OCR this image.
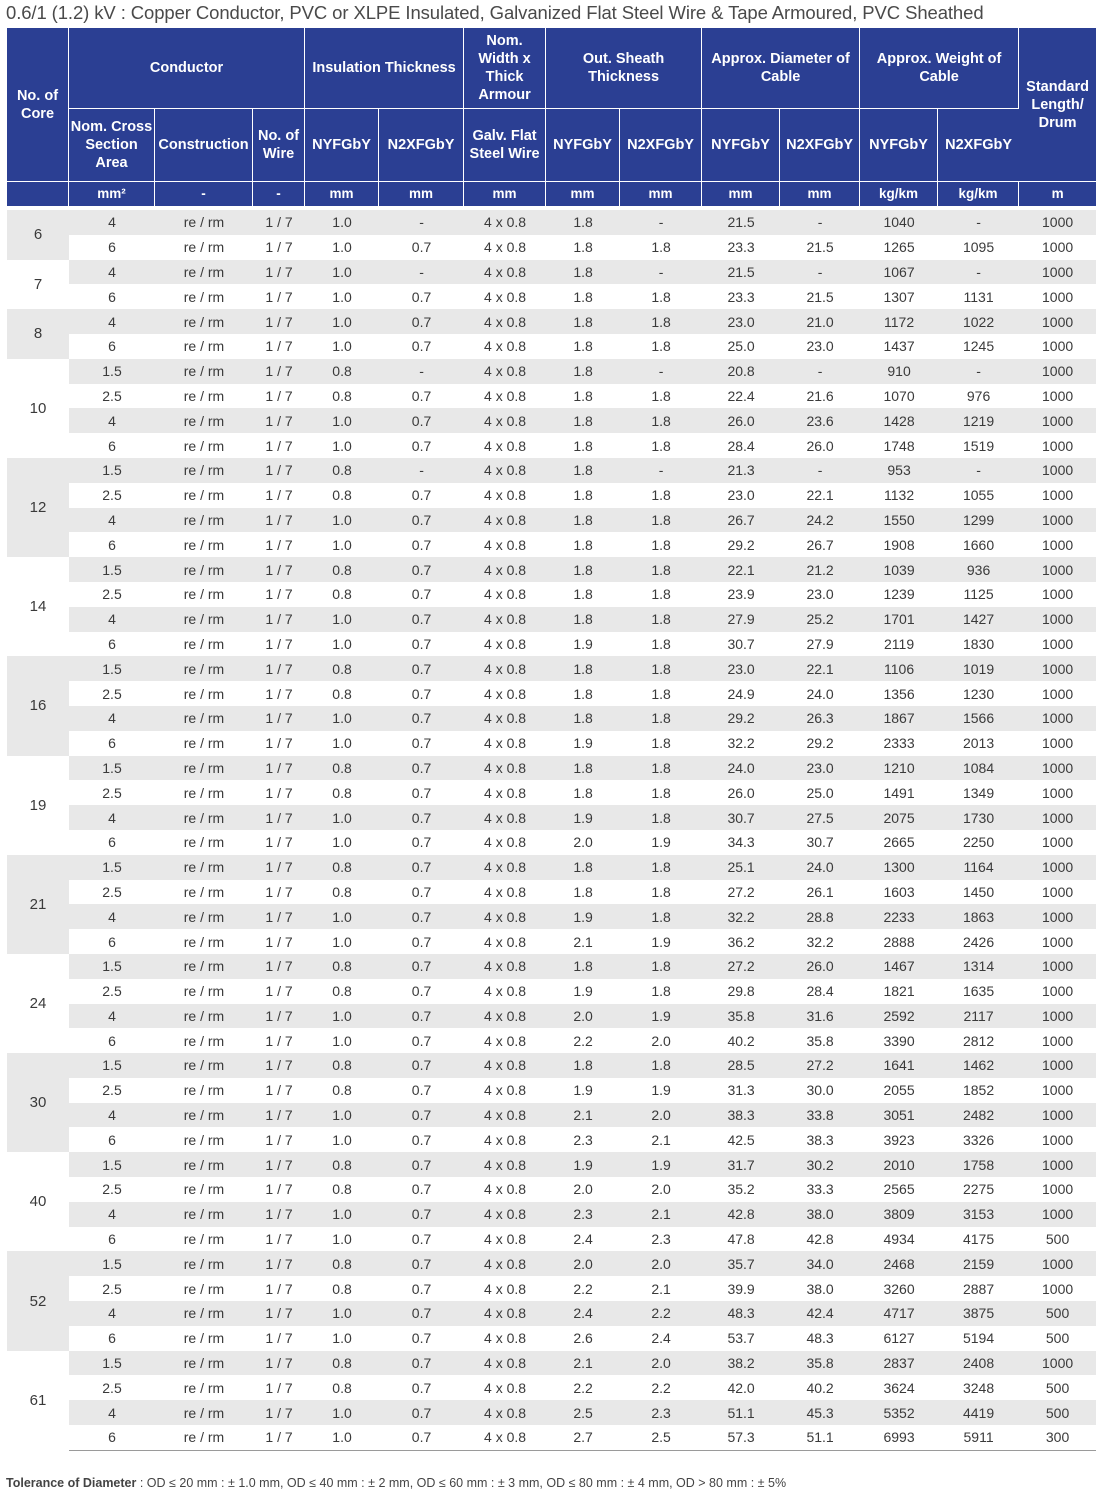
0.6/1 (1.2) kV : Copper Conductor, PVC or XLPE Insulated, Galvanized Flat Steel Wire & Tape Armoured, PVC Sheathed
No. of Core	Conductor			Insulation Thickness		Nom. Width x Thick Armour	Out. Sheath Thickness		Approx. Diameter of Cable		Approx. Weight of Cable		Standard Length/ Drum
	Nom. Cross Section Area	Construction	No. of Wire	NYFGbY	N2XFGbY	Galv. Flat Steel Wire	NYFGbY	N2XFGbY	NYFGbY	N2XFGbY	NYFGbY	N2XFGbY	
	mm²	-	-	mm	mm	mm	mm	mm	mm	mm	kg/km	kg/km	m

6	4	re / rm	1 / 7	1.0	-	4 x 0.8	1.8	-	21.5	-	1040	-	1000
	6	re / rm	1 / 7	1.0	0.7	4 x 0.8	1.8	1.8	23.3	21.5	1265	1095	1000
7	4	re / rm	1 / 7	1.0	-	4 x 0.8	1.8	-	21.5	-	1067	-	1000
	6	re / rm	1 / 7	1.0	0.7	4 x 0.8	1.8	1.8	23.3	21.5	1307	1131	1000
8	4	re / rm	1 / 7	1.0	0.7	4 x 0.8	1.8	1.8	23.0	21.0	1172	1022	1000
	6	re / rm	1 / 7	1.0	0.7	4 x 0.8	1.8	1.8	25.0	23.0	1437	1245	1000
10	1.5	re / rm	1 / 7	0.8	-	4 x 0.8	1.8	-	20.8	-	910	-	1000
	2.5	re / rm	1 / 7	0.8	0.7	4 x 0.8	1.8	1.8	22.4	21.6	1070	976	1000
	4	re / rm	1 / 7	1.0	0.7	4 x 0.8	1.8	1.8	26.0	23.6	1428	1219	1000
	6	re / rm	1 / 7	1.0	0.7	4 x 0.8	1.8	1.8	28.4	26.0	1748	1519	1000
12	1.5	re / rm	1 / 7	0.8	-	4 x 0.8	1.8	-	21.3	-	953	-	1000
	2.5	re / rm	1 / 7	0.8	0.7	4 x 0.8	1.8	1.8	23.0	22.1	1132	1055	1000
	4	re / rm	1 / 7	1.0	0.7	4 x 0.8	1.8	1.8	26.7	24.2	1550	1299	1000
	6	re / rm	1 / 7	1.0	0.7	4 x 0.8	1.8	1.8	29.2	26.7	1908	1660	1000
14	1.5	re / rm	1 / 7	0.8	0.7	4 x 0.8	1.8	1.8	22.1	21.2	1039	936	1000
	2.5	re / rm	1 / 7	0.8	0.7	4 x 0.8	1.8	1.8	23.9	23.0	1239	1125	1000
	4	re / rm	1 / 7	1.0	0.7	4 x 0.8	1.8	1.8	27.9	25.2	1701	1427	1000
	6	re / rm	1 / 7	1.0	0.7	4 x 0.8	1.9	1.8	30.7	27.9	2119	1830	1000
16	1.5	re / rm	1 / 7	0.8	0.7	4 x 0.8	1.8	1.8	23.0	22.1	1106	1019	1000
	2.5	re / rm	1 / 7	0.8	0.7	4 x 0.8	1.8	1.8	24.9	24.0	1356	1230	1000
	4	re / rm	1 / 7	1.0	0.7	4 x 0.8	1.8	1.8	29.2	26.3	1867	1566	1000
	6	re / rm	1 / 7	1.0	0.7	4 x 0.8	1.9	1.8	32.2	29.2	2333	2013	1000
19	1.5	re / rm	1 / 7	0.8	0.7	4 x 0.8	1.8	1.8	24.0	23.0	1210	1084	1000
	2.5	re / rm	1 / 7	0.8	0.7	4 x 0.8	1.8	1.8	26.0	25.0	1491	1349	1000
	4	re / rm	1 / 7	1.0	0.7	4 x 0.8	1.9	1.8	30.7	27.5	2075	1730	1000
	6	re / rm	1 / 7	1.0	0.7	4 x 0.8	2.0	1.9	34.3	30.7	2665	2250	1000
21	1.5	re / rm	1 / 7	0.8	0.7	4 x 0.8	1.8	1.8	25.1	24.0	1300	1164	1000
	2.5	re / rm	1 / 7	0.8	0.7	4 x 0.8	1.8	1.8	27.2	26.1	1603	1450	1000
	4	re / rm	1 / 7	1.0	0.7	4 x 0.8	1.9	1.8	32.2	28.8	2233	1863	1000
	6	re / rm	1 / 7	1.0	0.7	4 x 0.8	2.1	1.9	36.2	32.2	2888	2426	1000
24	1.5	re / rm	1 / 7	0.8	0.7	4 x 0.8	1.8	1.8	27.2	26.0	1467	1314	1000
	2.5	re / rm	1 / 7	0.8	0.7	4 x 0.8	1.9	1.8	29.8	28.4	1821	1635	1000
	4	re / rm	1 / 7	1.0	0.7	4 x 0.8	2.0	1.9	35.8	31.6	2592	2117	1000
	6	re / rm	1 / 7	1.0	0.7	4 x 0.8	2.2	2.0	40.2	35.8	3390	2812	1000
30	1.5	re / rm	1 / 7	0.8	0.7	4 x 0.8	1.8	1.8	28.5	27.2	1641	1462	1000
	2.5	re / rm	1 / 7	0.8	0.7	4 x 0.8	1.9	1.9	31.3	30.0	2055	1852	1000
	4	re / rm	1 / 7	1.0	0.7	4 x 0.8	2.1	2.0	38.3	33.8	3051	2482	1000
	6	re / rm	1 / 7	1.0	0.7	4 x 0.8	2.3	2.1	42.5	38.3	3923	3326	1000
40	1.5	re / rm	1 / 7	0.8	0.7	4 x 0.8	1.9	1.9	31.7	30.2	2010	1758	1000
	2.5	re / rm	1 / 7	0.8	0.7	4 x 0.8	2.0	2.0	35.2	33.3	2565	2275	1000
	4	re / rm	1 / 7	1.0	0.7	4 x 0.8	2.3	2.1	42.8	38.0	3809	3153	1000
	6	re / rm	1 / 7	1.0	0.7	4 x 0.8	2.4	2.3	47.8	42.8	4934	4175	500
52	1.5	re / rm	1 / 7	0.8	0.7	4 x 0.8	2.0	2.0	35.7	34.0	2468	2159	1000
	2.5	re / rm	1 / 7	0.8	0.7	4 x 0.8	2.2	2.1	39.9	38.0	3260	2887	1000
	4	re / rm	1 / 7	1.0	0.7	4 x 0.8	2.4	2.2	48.3	42.4	4717	3875	500
	6	re / rm	1 / 7	1.0	0.7	4 x 0.8	2.6	2.4	53.7	48.3	6127	5194	500
61	1.5	re / rm	1 / 7	0.8	0.7	4 x 0.8	2.1	2.0	38.2	35.8	2837	2408	1000
	2.5	re / rm	1 / 7	0.8	0.7	4 x 0.8	2.2	2.2	42.0	40.2	3624	3248	500
	4	re / rm	1 / 7	1.0	0.7	4 x 0.8	2.5	2.3	51.1	45.3	5352	4419	500
	6	re / rm	1 / 7	1.0	0.7	4 x 0.8	2.7	2.5	57.3	51.1	6993	5911	300
Tolerance of Diameter : OD ≤ 20 mm : ± 1.0 mm, OD ≤ 40 mm : ± 2 mm, OD ≤ 60 mm : ± 3 mm, OD ≤ 80 mm : ± 4 mm, OD > 80 mm : ± 5%
